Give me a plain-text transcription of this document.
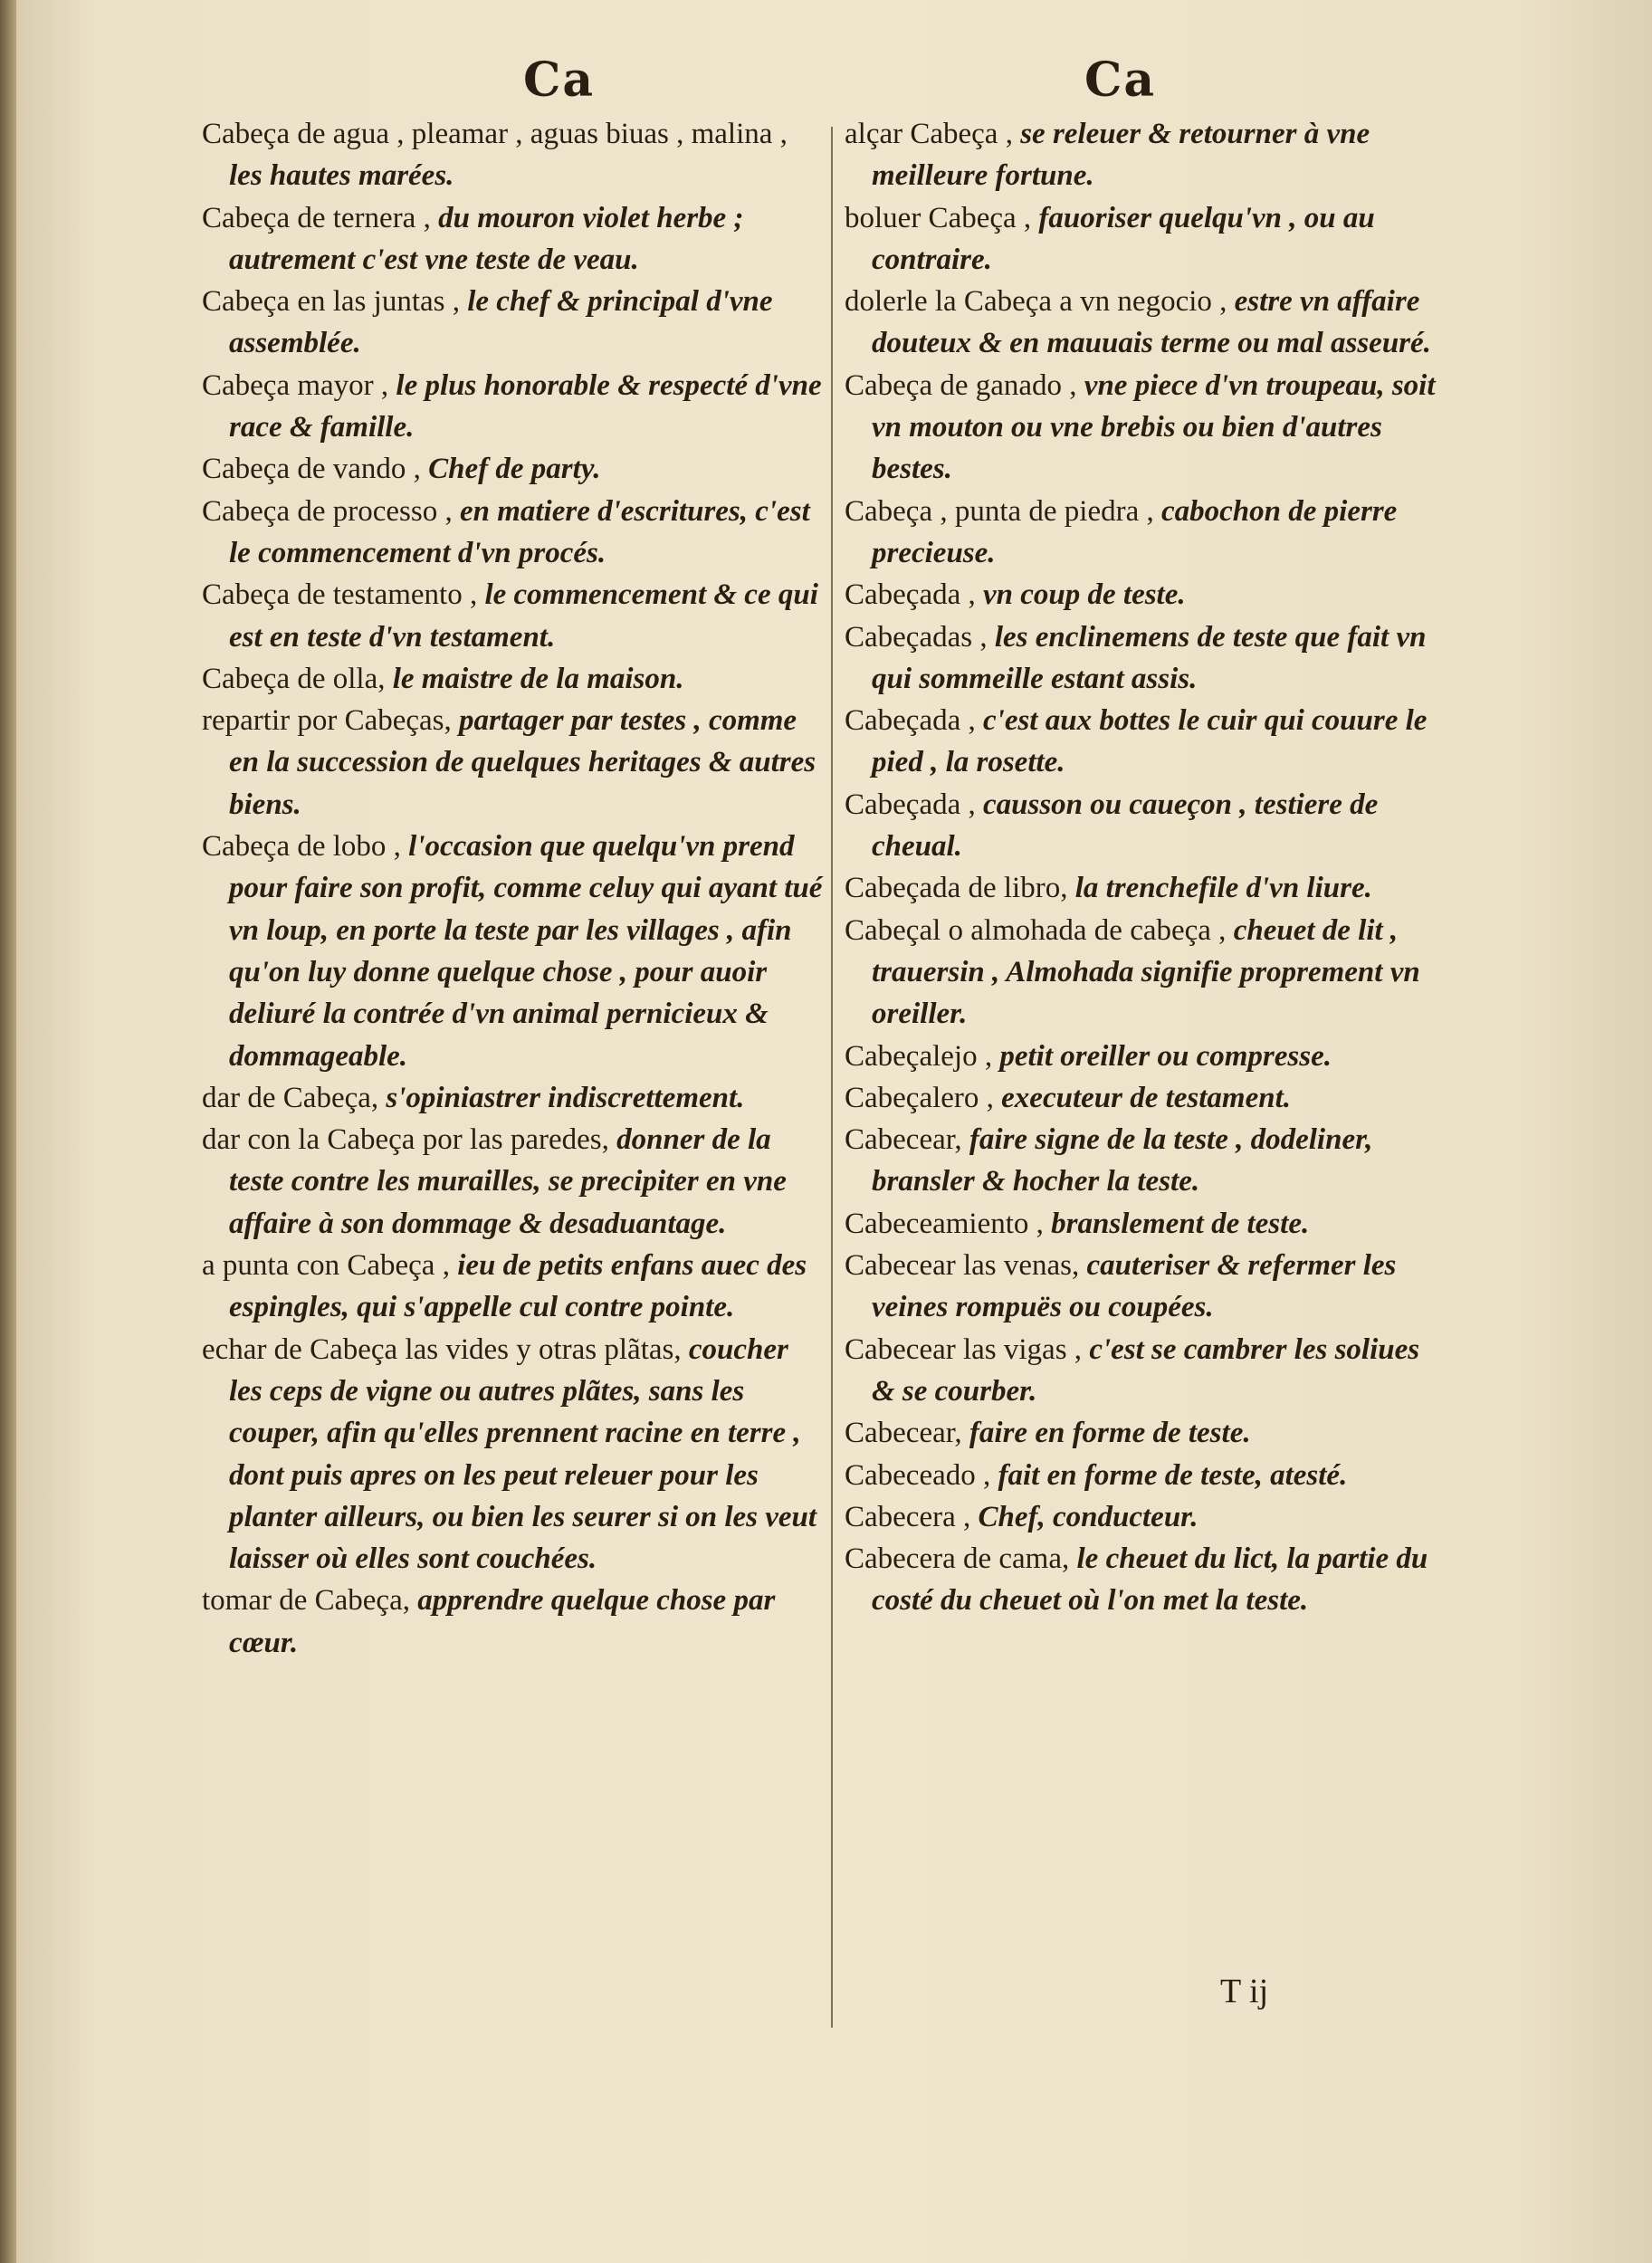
Ca	Ca

Cabeça de agua , pleamar , aguas biuas , malina , les hautes marées.

Cabeça de ternera , du mouron violet herbe ; autrement c'est vne teste de veau.

Cabeça en las juntas , le chef & principal d'vne assemblée.

Cabeça mayor , le plus honorable & respecté d'vne race & famille.

Cabeça de vando , Chef de party.

Cabeça de processo , en matiere d'escritures, c'est le commencement d'vn procés.

Cabeça de testamento , le commencement & ce qui est en teste d'vn testament.

Cabeça de olla, le maistre de la maison.

repartir por Cabeças, partager par testes , comme en la succession de quelques heritages & autres biens.

Cabeça de lobo , l'occasion que quelqu'vn prend pour faire son profit, comme celuy qui ayant tué vn loup, en porte la teste par les villages , afin qu'on luy donne quelque chose , pour auoir deliuré la contrée d'vn animal pernicieux & dommageable.

dar de Cabeça, s'opiniastrer indiscrettement.

dar con la Cabeça por las paredes, donner de la teste contre les murailles, se precipiter en vne affaire à son dommage & desaduantage.

a punta con Cabeça , ieu de petits enfans auec des espingles, qui s'appelle cul contre pointe.

echar de Cabeça las vides y otras plãtas, coucher les ceps de vigne ou autres plãtes, sans les couper, afin qu'elles prennent racine en terre , dont puis apres on les peut releuer pour les planter ailleurs, ou bien les seurer si on les veut laisser où elles sont couchées.

tomar de Cabeça, apprendre quelque chose par cœur.

alçar Cabeça , se releuer & retourner à vne meilleure fortune.

boluer Cabeça , fauoriser quelqu'vn , ou au contraire.

dolerle la Cabeça a vn negocio , estre vn affaire douteux & en mauuais terme ou mal asseuré.

Cabeça de ganado , vne piece d'vn troupeau, soit vn mouton ou vne brebis ou bien d'autres bestes.

Cabeça , punta de piedra , cabochon de pierre precieuse.

Cabeçada , vn coup de teste.

Cabeçadas , les enclinemens de teste que fait vn qui sommeille estant assis.

Cabeçada , c'est aux bottes le cuir qui couure le pied , la rosette.

Cabeçada , causson ou caueçon , testiere de cheual.

Cabeçada de libro, la trenchefile d'vn liure.

Cabeçal o almohada de cabeça , cheuet de lit , trauersin , Almohada signifie proprement vn oreiller.

Cabeçalejo , petit oreiller ou compresse.

Cabeçalero , executeur de testament.

Cabecear, faire signe de la teste , dodeliner, bransler & hocher la teste.

Cabeceamiento , branslement de teste.

Cabecear las venas, cauteriser & refermer les veines rompuës ou coupées.

Cabecear las vigas , c'est se cambrer les soliues & se courber.

Cabecear, faire en forme de teste.

Cabeceado , fait en forme de teste, atesté.

Cabecera , Chef, conducteur.

Cabecera de cama, le cheuet du lict, la partie du costé du cheuet où l'on met la teste.

T ij
